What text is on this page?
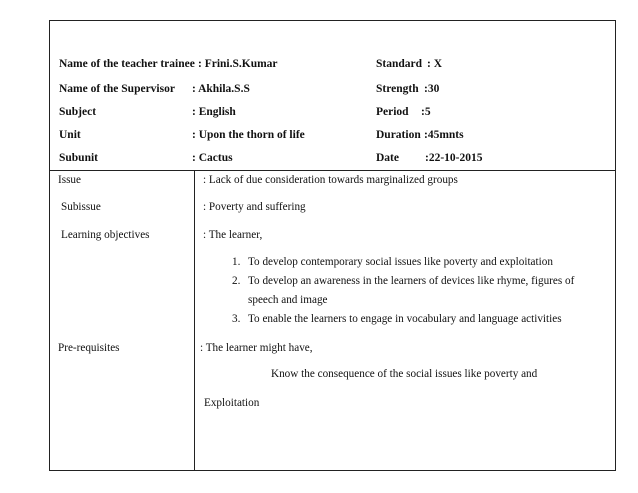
Name of the teacher trainee : Frini.S.Kumar	Standard : X
Name of the Supervisor : Akhila.S.S	Strength :30
Subject	: English	Period :5
Unit	: Upon the thorn of life	Duration :45mnts
Subunit	: Cactus	Date :22-10-2015
Issue	: Lack of due consideration towards marginalized groups
Subissue	: Poverty and suffering
Learning objectives	: The learner,
1. To develop contemporary social issues like poverty and exploitation
2. To develop an awareness in the learners of devices like rhyme, figures of
speech and image
3. To enable the learners to engage in vocabulary and language activities
Pre-requisites	: The learner might have,
Know the consequence of the social issues like poverty and
Exploitation
